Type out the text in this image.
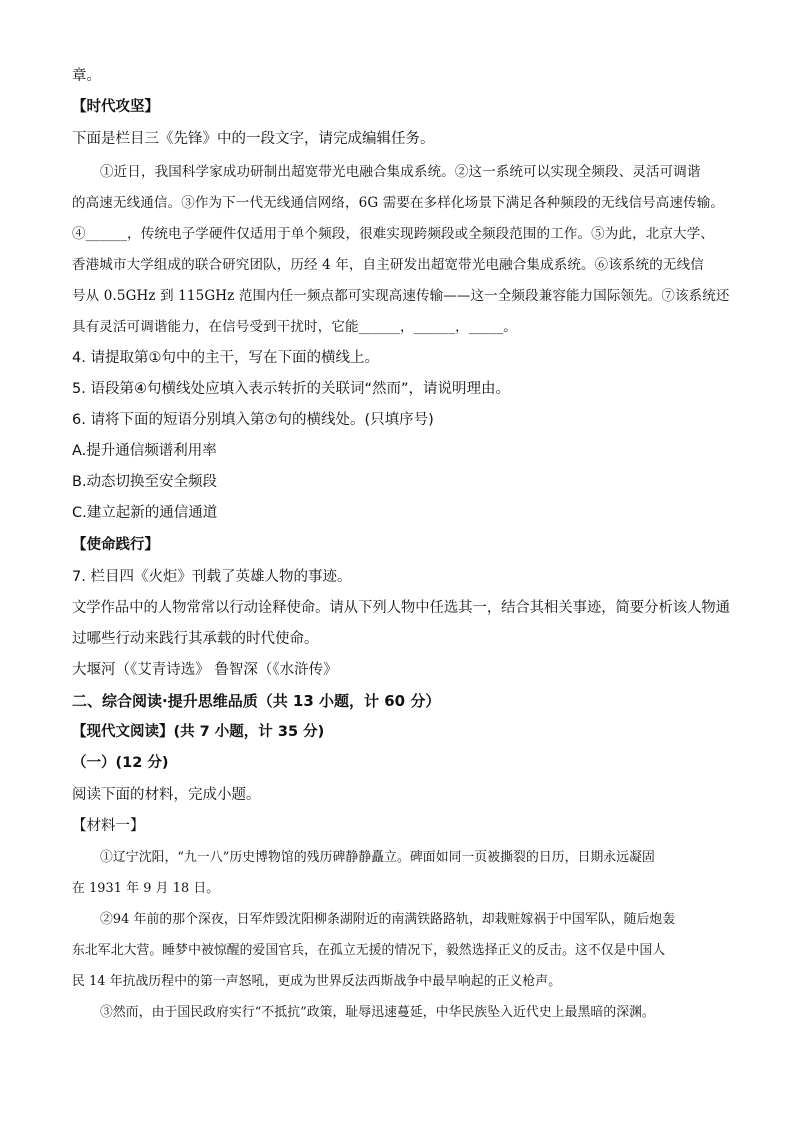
章。
【时代攻坚】
下面是栏目三《先锋》中的一段文字，请完成编辑任务。
①近日，我国科学家成功研制出超宽带光电融合集成系统。②这一系统可以实现全频段、灵活可调谐
的高速无线通信。③作为下一代无线通信网络，6G 需要在多样化场景下满足各种频段的无线信号高速传输。
④______，传统电子学硬件仅适用于单个频段，很难实现跨频段或全频段范围的工作。⑤为此，北京大学、
香港城市大学组成的联合研究团队，历经 4 年，自主研发出超宽带光电融合集成系统。⑥该系统的无线信
号从 0.5GHz 到 115GHz 范围内任一频点都可实现高速传输——这一全频段兼容能力国际领先。⑦该系统还
具有灵活可调谐能力，在信号受到干扰时，它能______，______，_____。
4. 请提取第①句中的主干，写在下面的横线上。
5. 语段第④句横线处应填入表示转折的关联词“然而”，请说明理由。
6. 请将下面的短语分别填入第⑦句的横线处。(只填序号)
A.提升通信频谱利用率
B.动态切换至安全频段
C.建立起新的通信通道
【使命践行】
7. 栏目四《火炬》刊载了英雄人物的事迹。
文学作品中的人物常常以行动诠释使命。请从下列人物中任选其一，结合其相关事迹，简要分析该人物通
过哪些行动来践行其承载的时代使命。
大堰河（《艾青诗选》 鲁智深（《水浒传》
二、综合阅读·提升思维品质（共 13 小题，计 60 分）
【现代文阅读】(共 7 小题，计 35 分)
（一）(12 分)
阅读下面的材料，完成小题。
【材料一】
①辽宁沈阳，“九一八”历史博物馆的残历碑静静矗立。碑面如同一页被撕裂的日历，日期永远凝固
在 1931 年 9 月 18 日。
②94 年前的那个深夜，日军炸毁沈阳柳条湖附近的南满铁路路轨，却栽赃嫁祸于中国军队，随后炮轰
东北军北大营。睡梦中被惊醒的爱国官兵，在孤立无援的情况下，毅然选择正义的反击。这不仅是中国人
民 14 年抗战历程中的第一声怒吼，更成为世界反法西斯战争中最早响起的正义枪声。
③然而，由于国民政府实行“不抵抗”政策，耻辱迅速蔓延，中华民族坠入近代史上最黑暗的深渊。
